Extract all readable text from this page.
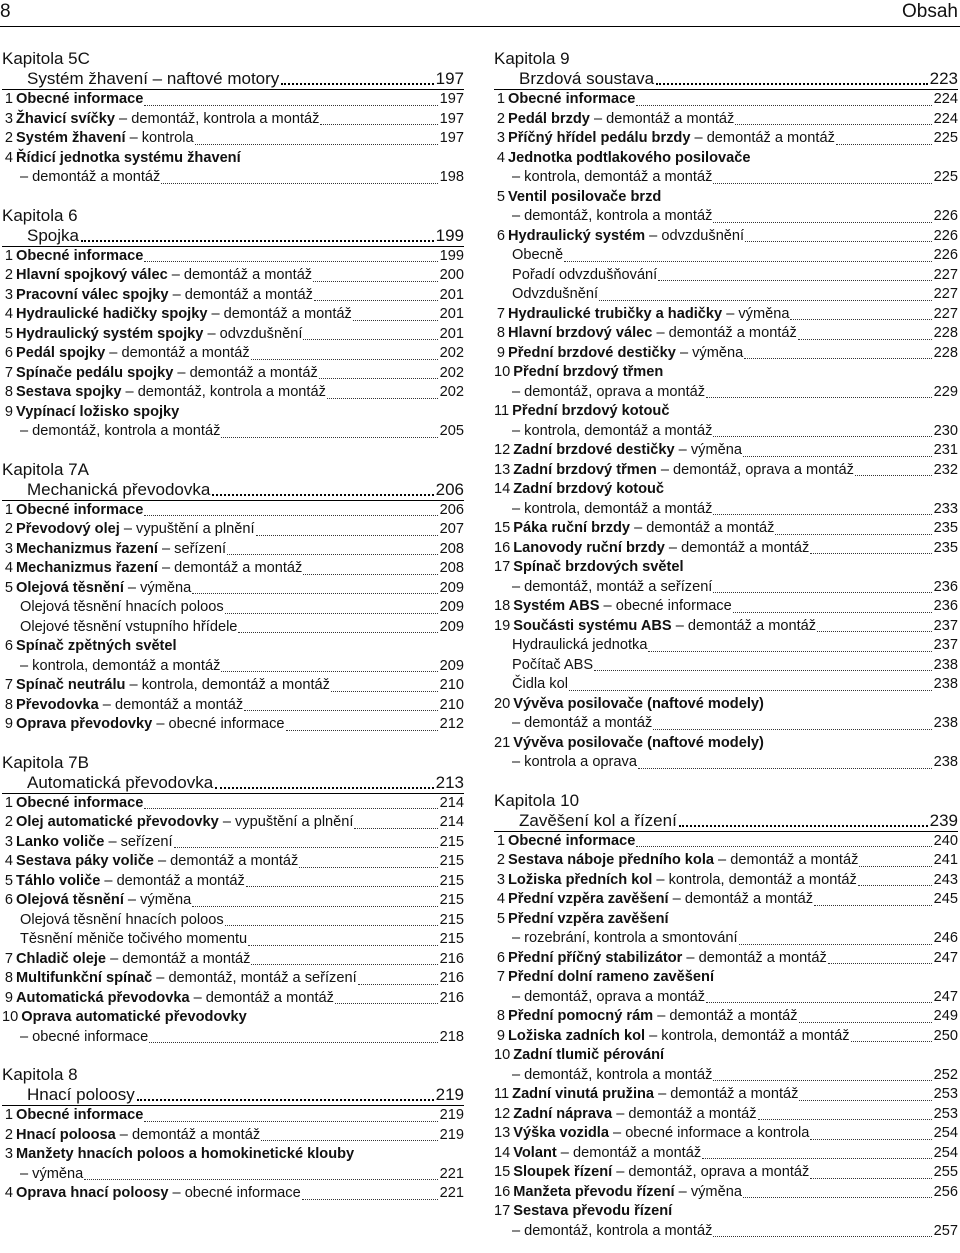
8	Obsah
Kapitola 5C
Systém žhavení – naftové motory	197
1 Obecné informace	197
3 Žhavicí svíčky – demontáž, kontrola a montáž	197
2 Systém žhavení – kontrola	197
4 Řídicí jednotka systému žhavení
– demontáž a montáž	198
Kapitola 6
Spojka	199
1 Obecné informace	199
2 Hlavní spojkový válec – demontáž a montáž	200
3 Pracovní válec spojky – demontáž a montáž	201
4 Hydraulické hadičky spojky – demontáž a montáž	201
5 Hydraulický systém spojky – odvzdušnění	201
6 Pedál spojky – demontáž a montáž	202
7 Spínače pedálu spojky – demontáž a montáž	202
8 Sestava spojky – demontáž, kontrola a montáž	202
9 Vypínací ložisko spojky
– demontáž, kontrola a montáž	205
Kapitola 7A
Mechanická převodovka	206
1 Obecné informace	206
2 Převodový olej – vypuštění a plnění	207
3 Mechanizmus řazení – seřízení	208
4 Mechanizmus řazení – demontáž a montáž	208
5 Olejová těsnění – výměna	209
Olejová těsnění hnacích poloos	209
Olejové těsnění vstupního hřídele	209
6 Spínač zpětných světel
– kontrola, demontáž a montáž	209
7 Spínač neutrálu – kontrola, demontáž a montáž	210
8 Převodovka – demontáž a montáž	210
9 Oprava převodovky – obecné informace	212
Kapitola 7B
Automatická převodovka	213
1 Obecné informace	214
2 Olej automatické převodovky – vypuštění a plnění	214
3 Lanko voliče – seřízení	215
4 Sestava páky voliče – demontáž a montáž	215
5 Táhlo voliče – demontáž a montáž	215
6 Olejová těsnění – výměna	215
Olejová těsnění hnacích poloos	215
Těsnění měniče točivého momentu	215
7 Chladič oleje – demontáž a montáž	216
8 Multifunkční spínač – demontáž, montáž a seřízení	216
9 Automatická převodovka – demontáž a montáž	216
10 Oprava automatické převodovky
– obecné informace	218
Kapitola 8
Hnací poloosy	219
1 Obecné informace	219
2 Hnací poloosa – demontáž a montáž	219
3 Manžety hnacích poloos a homokinetické klouby
– výměna	221
4 Oprava hnací poloosy – obecné informace	221
Kapitola 9
Brzdová soustava	223
1 Obecné informace	224
2 Pedál brzdy – demontáž a montáž	224
3 Příčný hřídel pedálu brzdy – demontáž a montáž	225
4 Jednotka podtlakového posilovače
– kontrola, demontáž a montáž	225
5 Ventil posilovače brzd
– demontáž, kontrola a montáž	226
6 Hydraulický systém – odvzdušnění	226
Obecně	226
Pořadí odvzdušňování	227
Odvzdušnění	227
7 Hydraulické trubičky a hadičky – výměna	227
8 Hlavní brzdový válec – demontáž a montáž	228
9 Přední brzdové destičky – výměna	228
10 Přední brzdový třmen
– demontáž, oprava a montáž	229
11 Přední brzdový kotouč
– kontrola, demontáž a montáž	230
12 Zadní brzdové destičky – výměna	231
13 Zadní brzdový třmen – demontáž, oprava a montáž	232
14 Zadní brzdový kotouč
– kontrola, demontáž a montáž	233
15 Páka ruční brzdy – demontáž a montáž	235
16 Lanovody ruční brzdy – demontáž a montáž	235
17 Spínač brzdových světel
– demontáž, montáž a seřízení	236
18 Systém ABS – obecné informace	236
19 Součásti systému ABS – demontáž a montáž	237
Hydraulická jednotka	237
Počítač ABS	238
Čidla kol	238
20 Vývěva posilovače (naftové modely)
– demontáž a montáž	238
21 Vývěva posilovače (naftové modely)
– kontrola a oprava	238
Kapitola 10
Zavěšení kol a řízení	239
1 Obecné informace	240
2 Sestava náboje předního kola – demontáž a montáž	241
3 Ložiska předních kol – kontrola, demontáž a montáž	243
4 Přední vzpěra zavěšení – demontáž a montáž	245
5 Přední vzpěra zavěšení
– rozebrání, kontrola a smontování	246
6 Přední příčný stabilizátor – demontáž a montáž	247
7 Přední dolní rameno zavěšení
– demontáž, oprava a montáž	247
8 Přední pomocný rám – demontáž a montáž	249
9 Ložiska zadních kol – kontrola, demontáž a montáž	250
10 Zadní tlumič pérování
– demontáž, kontrola a montáž	252
11 Zadní vinutá pružina – demontáž a montáž	253
12 Zadní náprava – demontáž a montáž	253
13 Výška vozidla – obecné informace a kontrola	254
14 Volant – demontáž a montáž	254
15 Sloupek řízení – demontáž, oprava a montáž	255
16 Manžeta převodu řízení – výměna	256
17 Sestava převodu řízení
– demontáž, kontrola a montáž	257
